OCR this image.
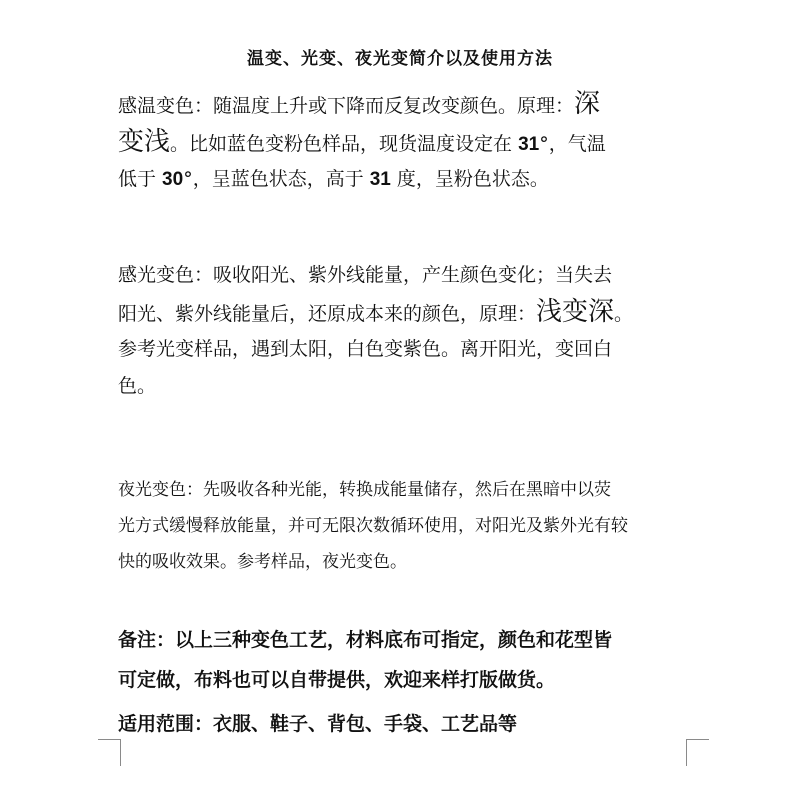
温变、光变、夜光变简介以及使用方法
感温变色：随温度上升或下降而反复改变颜色。原理：深
变浅。比如蓝色变粉色样品，现货温度设定在 31°，气温
低于 30°，呈蓝色状态，高于 31 度，呈粉色状态。
感光变色：吸收阳光、紫外线能量，产生颜色变化；当失去
阳光、紫外线能量后，还原成本来的颜色，原理：浅变深。
参考光变样品，遇到太阳，白色变紫色。离开阳光，变回白
色。
夜光变色：先吸收各种光能，转换成能量储存，然后在黑暗中以荧
光方式缓慢释放能量，并可无限次数循环使用，对阳光及紫外光有较
快的吸收效果。参考样品，夜光变色。
备注：以上三种变色工艺，材料底布可指定，颜色和花型皆
可定做，布料也可以自带提供，欢迎来样打版做货。
适用范围：衣服、鞋子、背包、手袋、工艺品等
